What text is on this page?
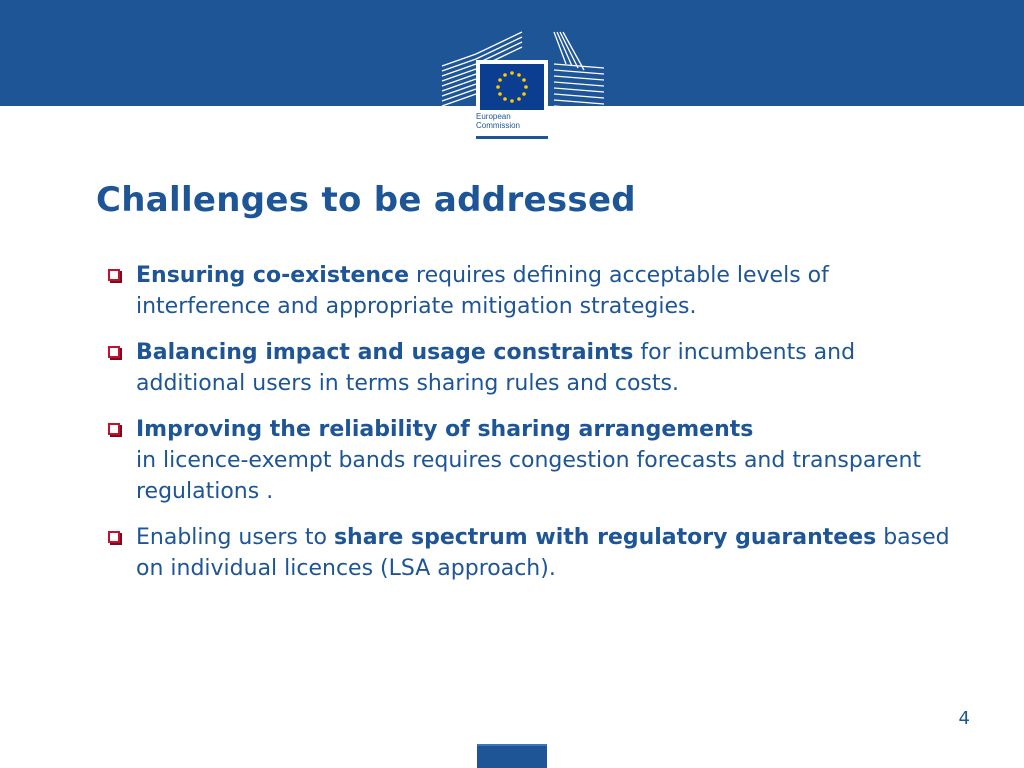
European
Commission
Challenges to be addressed
Ensuring co-existence requires defining acceptable levels of interference and appropriate mitigation strategies.
Balancing impact and usage constraints for incumbents and additional users in terms sharing rules and costs.
Improving the reliability of sharing arrangements
in licence-exempt bands requires congestion forecasts and transparent regulations .
Enabling users to share spectrum with regulatory guarantees based on individual licences (LSA approach).
4
